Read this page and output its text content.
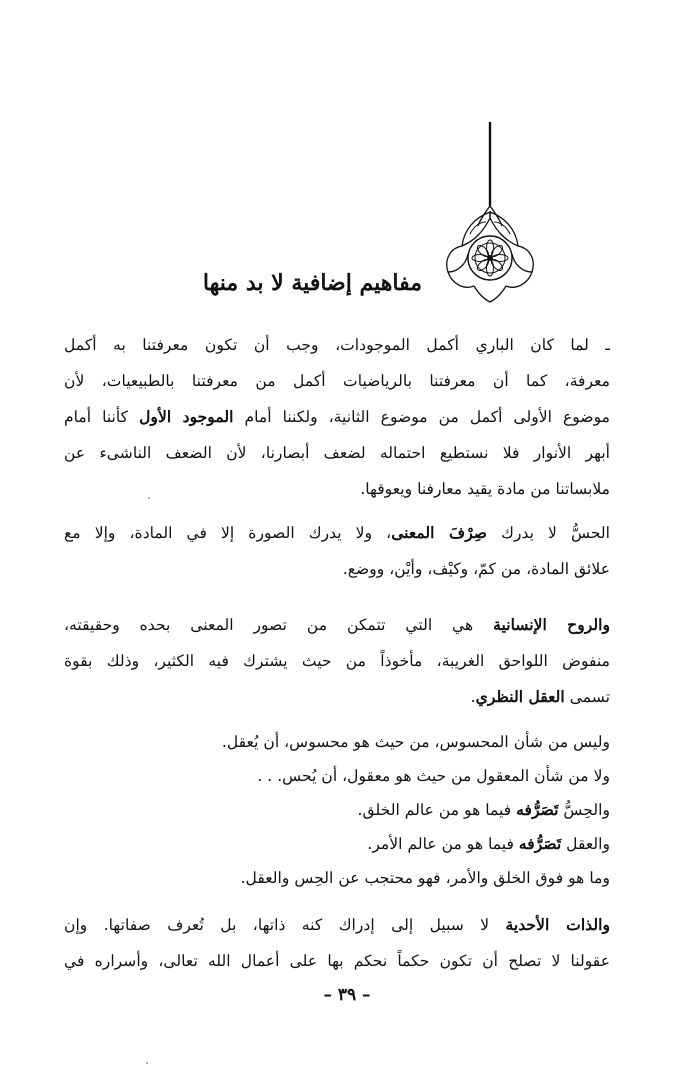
مفاهيم إضافية لا بد منها
ـ لما كان الباري أكمل الموجودات، وجب أن تكون معرفتنا به أكمل
معرفة، كما أن معرفتنا بالرياضيات أكمل من معرفتنا بالطبيعيات، لأن
موضوع الأولى أكمل من موضوع الثانية، ولكننا أمام الموجود الأول كأننا أمام
أبهر الأنوار فلا نستطيع احتماله لضعف أبصارنا، لأن الضعف الناشىء عن
ملابساتنا من مادة يقيد معارفنا ويعوقها.
الحسُّ لا يدرك صِرْفَ المعنى، ولا يدرك الصورة إلا في المادة، وإلا مع
علائق المادة، من كمّ، وكيْف، وأيْن، ووضع.
والروح الإنسانية هي التي تتمكن من تصور المعنى بحده وحقيقته،
منفوض اللواحق الغريبة، مأخوذاً من حيث يشترك فيه الكثير، وذلك بقوة
تسمى العقل النظري.
وليس من شأن المحسوس، من حيث هو محسوس، أن يُعقل.
ولا من شأن المعقول من حيث هو معقول، أن يُحس. . .
والحِسُّ تَصَرُّفه فيما هو من عالم الخلق.
والعقل تَصَرُّفه فيما هو من عالم الأمر.
وما هو فوق الخلق والأمر، فهو محتجب عن الحِس والعقل.
والذات الأحدية لا سبيل إلى إدراك كنه ذاتها، بل تُعرف صفاتها. وإن
عقولنا لا تصلح أن تكون حكماً نحكم بها على أعمال الله تعالى، وأسراره في
– ٣٩ –
